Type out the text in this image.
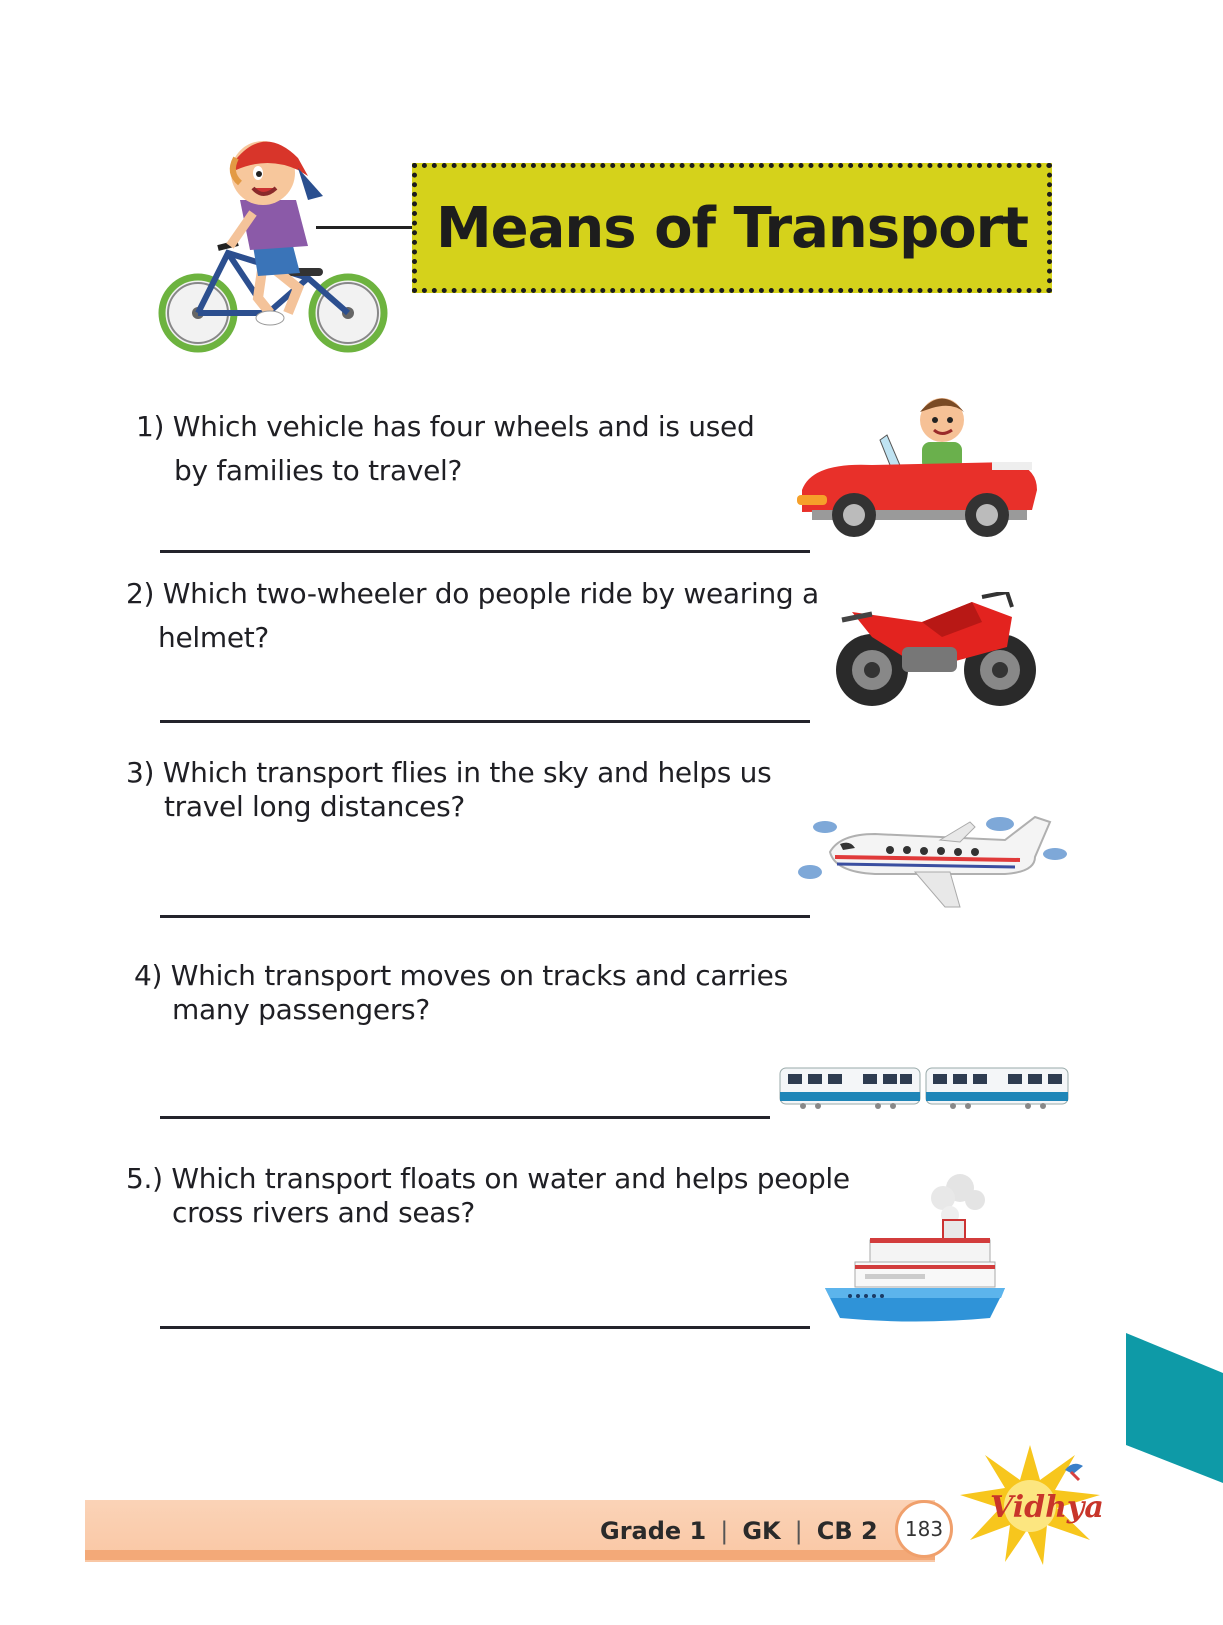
Means of Transport
1) Which vehicle has four wheels and is used
by families to travel?
2) Which two-wheeler do people ride by wearing a
helmet?
3) Which transport flies in the sky and helps us
travel long distances?
4) Which transport moves on tracks and carries
many passengers?
5.) Which transport floats on water and helps people
cross rivers and seas?
Grade 1 | GK | CB 2	183
Vidhya
